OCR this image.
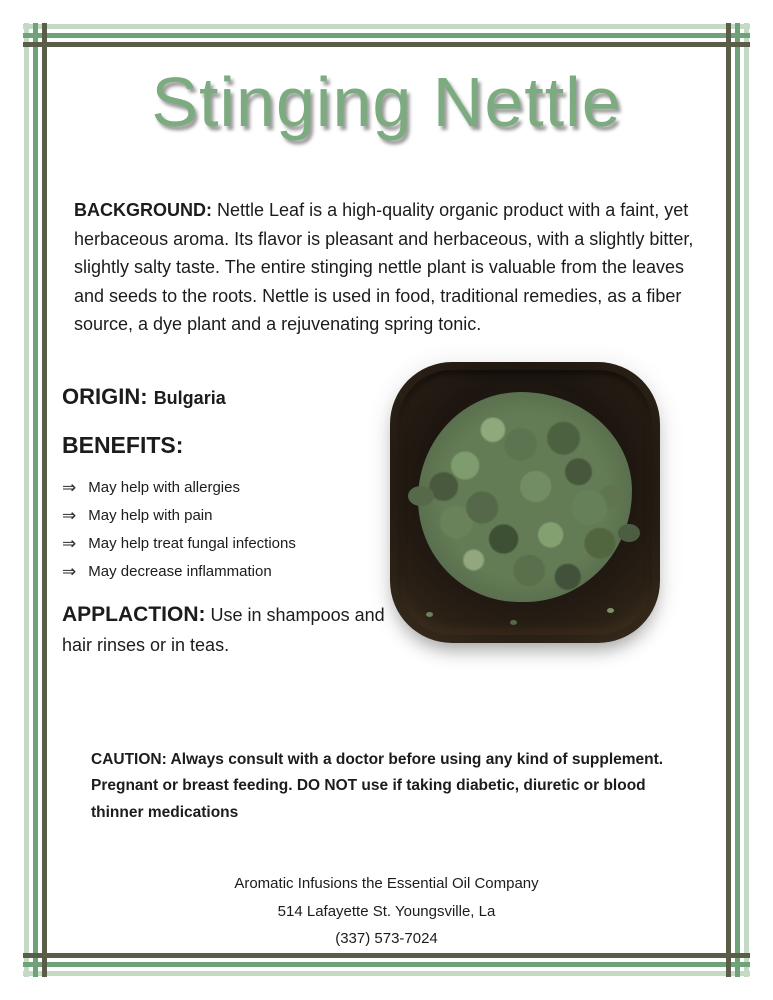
Stinging Nettle

BACKGROUND: Nettle Leaf is a high-quality organic product with a faint, yet herbaceous aroma. Its flavor is pleasant and herbaceous, with a slightly bitter, slightly salty taste. The entire stinging nettle plant is valuable from the leaves and seeds to the roots. Nettle is used in food, traditional remedies, as a fiber source, a dye plant and a rejuvenating spring tonic.

ORIGIN: Bulgaria
BENEFITS:
⇒ May help with allergies
⇒ May help with pain
⇒ May help treat fungal infections
⇒ May decrease inflammation

APPLACTION: Use in shampoos and hair rinses or in teas.

CAUTION: Always consult with a doctor before using any kind of supplement. Pregnant or breast feeding. DO NOT use if taking diabetic, diuretic or blood thinner medications

Aromatic Infusions the Essential Oil Company
514 Lafayette St. Youngsville, La
(337) 573-7024
